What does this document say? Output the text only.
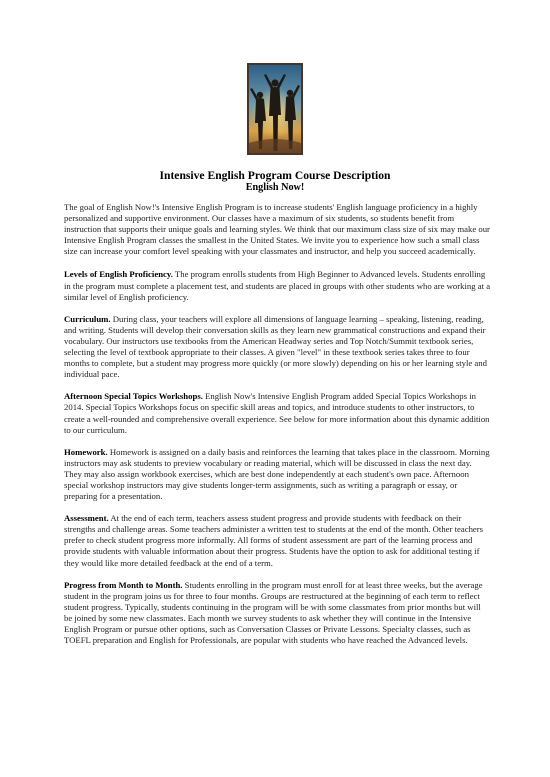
Intensive English Program Course Description
English Now!

The goal of English Now!'s Intensive English Program is to increase students' English language proficiency in a highly personalized and supportive environment. Our classes have a maximum of six students, so students benefit from instruction that supports their unique goals and learning styles. We think that our maximum class size of six may make our Intensive English Program classes the smallest in the United States. We invite you to experience how such a small class size can increase your comfort level speaking with your classmates and instructor, and help you succeed academically.

Levels of English Proficiency. The program enrolls students from High Beginner to Advanced levels. Students enrolling in the program must complete a placement test, and students are placed in groups with other students who are working at a similar level of English proficiency.

Curriculum. During class, your teachers will explore all dimensions of language learning – speaking, listening, reading, and writing. Students will develop their conversation skills as they learn new grammatical constructions and expand their vocabulary. Our instructors use textbooks from the American Headway series and Top Notch/Summit textbook series, selecting the level of textbook appropriate to their classes. A given "level" in these textbook series takes three to four months to complete, but a student may progress more quickly (or more slowly) depending on his or her learning style and individual pace.

Afternoon Special Topics Workshops. English Now's Intensive English Program added Special Topics Workshops in 2014. Special Topics Workshops focus on specific skill areas and topics, and introduce students to other instructors, to create a well-rounded and comprehensive overall experience. See below for more information about this dynamic addition to our curriculum.

Homework. Homework is assigned on a daily basis and reinforces the learning that takes place in the classroom. Morning instructors may ask students to preview vocabulary or reading material, which will be discussed in class the next day. They may also assign workbook exercises, which are best done independently at each student's own pace. Afternoon special workshop instructors may give students longer-term assignments, such as writing a paragraph or essay, or preparing for a presentation.

Assessment. At the end of each term, teachers assess student progress and provide students with feedback on their strengths and challenge areas. Some teachers administer a written test to students at the end of the month. Other teachers prefer to check student progress more informally. All forms of student assessment are part of the learning process and provide students with valuable information about their progress. Students have the option to ask for additional testing if they would like more detailed feedback at the end of a term.

Progress from Month to Month. Students enrolling in the program must enroll for at least three weeks, but the average student in the program joins us for three to four months. Groups are restructured at the beginning of each term to reflect student progress. Typically, students continuing in the program will be with some classmates from prior months but will be joined by some new classmates. Each month we survey students to ask whether they will continue in the Intensive English Program or pursue other options, such as Conversation Classes or Private Lessons. Specialty classes, such as TOEFL preparation and English for Professionals, are popular with students who have reached the Advanced levels.
